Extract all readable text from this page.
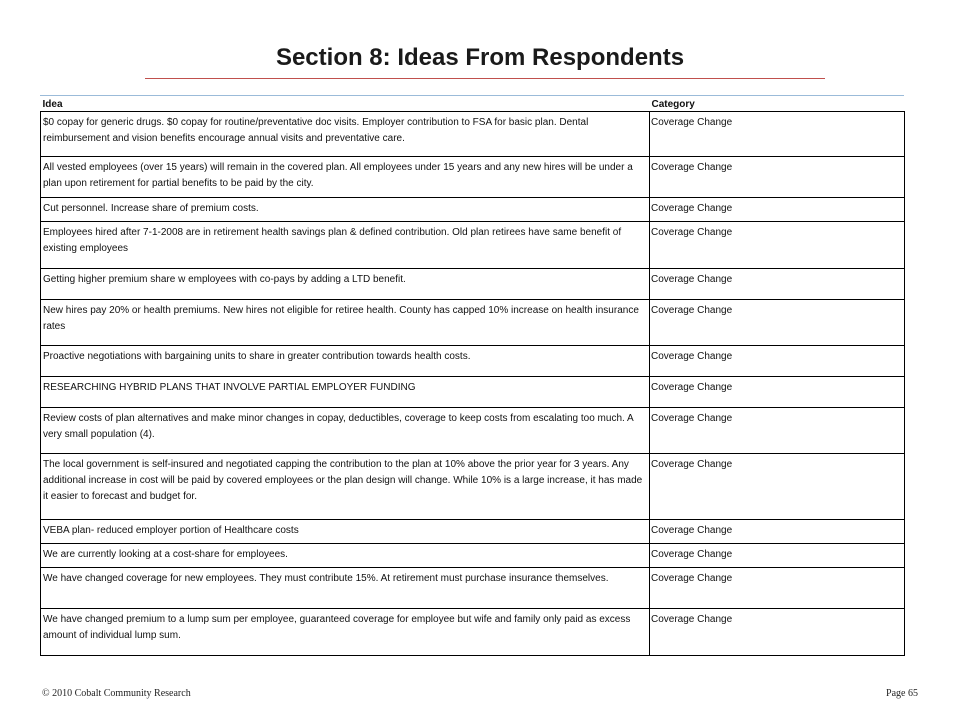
Section 8: Ideas From Respondents
Idea	Category
$0 copay for generic drugs. $0 copay for routine/preventative doc visits. Employer contribution to FSA for basic plan. Dental reimbursement and vision benefits encourage annual visits and preventative care.	Coverage Change
All vested employees (over 15 years) will remain in the covered plan. All employees under 15 years and any new hires will be under a plan upon retirement for partial benefits to be paid by the city.	Coverage Change
Cut personnel. Increase share of premium costs.	Coverage Change
Employees hired after 7-1-2008 are in retirement health savings plan & defined contribution. Old plan retirees have same benefit of existing employees	Coverage Change
Getting higher premium share w employees with co-pays by adding a LTD benefit.	Coverage Change
New hires pay 20% or health premiums. New hires not eligible for retiree health. County has capped 10% increase on health insurance rates	Coverage Change
Proactive negotiations with bargaining units to share in greater contribution towards health costs.	Coverage Change
RESEARCHING HYBRID PLANS THAT INVOLVE PARTIAL EMPLOYER FUNDING	Coverage Change
Review costs of plan alternatives and make minor changes in copay, deductibles, coverage to keep costs from escalating too much. A very small population (4).	Coverage Change
The local government is self-insured and negotiated capping the contribution to the plan at 10% above the prior year for 3 years. Any additional increase in cost will be paid by covered employees or the plan design will change. While 10% is a large increase, it has made it easier to forecast and budget for.	Coverage Change
VEBA plan- reduced employer portion of Healthcare costs	Coverage Change
We are currently looking at a cost-share for employees.	Coverage Change
We have changed coverage for new employees. They must contribute 15%. At retirement must purchase insurance themselves.	Coverage Change
We have changed premium to a lump sum per employee, guaranteed coverage for employee but wife and family only paid as excess amount of individual lump sum.	Coverage Change
© 2010 Cobalt Community Research	Page 65
